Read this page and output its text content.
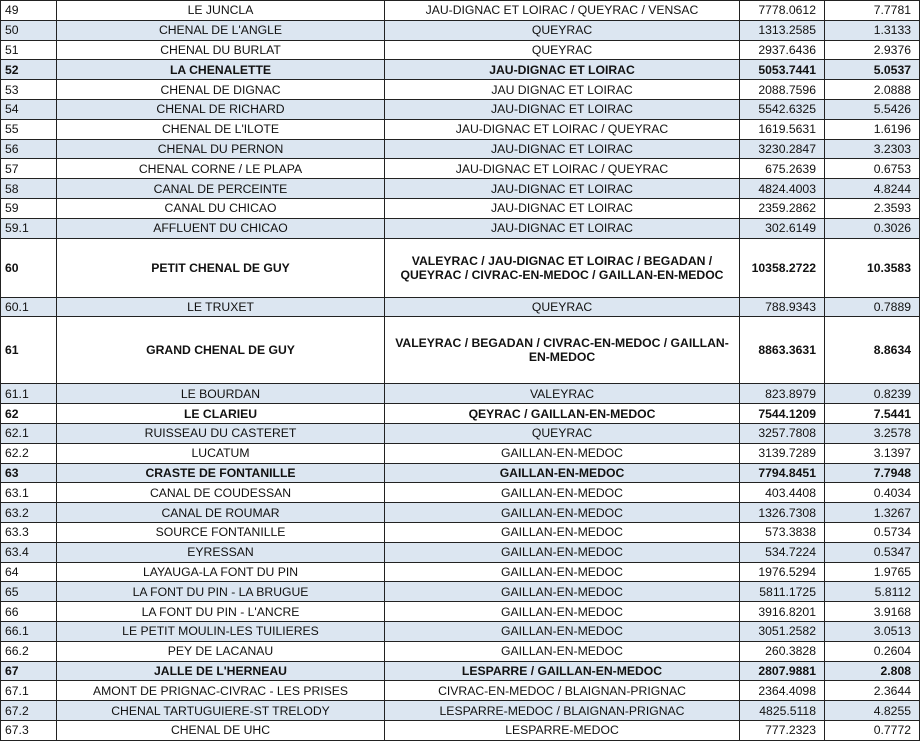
49	LE JUNCLA	JAU-DIGNAC ET LOIRAC / QUEYRAC / VENSAC	7778.0612	7.7781
50	CHENAL DE L'ANGLE	QUEYRAC	1313.2585	1.3133
51	CHENAL DU BURLAT	QUEYRAC	2937.6436	2.9376
52	LA CHENALETTE	JAU-DIGNAC ET LOIRAC	5053.7441	5.0537
53	CHENAL DE DIGNAC	JAU DIGNAC ET LOIRAC	2088.7596	2.0888
54	CHENAL DE RICHARD	JAU-DIGNAC ET LOIRAC	5542.6325	5.5426
55	CHENAL DE L'ILOTE	JAU-DIGNAC ET LOIRAC / QUEYRAC	1619.5631	1.6196
56	CHENAL DU PERNON	JAU-DIGNAC ET LOIRAC	3230.2847	3.2303
57	CHENAL CORNE / LE PLAPA	JAU-DIGNAC ET LOIRAC / QUEYRAC	675.2639	0.6753
58	CANAL DE PERCEINTE	JAU-DIGNAC ET LOIRAC	4824.4003	4.8244
59	CANAL DU CHICAO	JAU-DIGNAC ET LOIRAC	2359.2862	2.3593
59.1	AFFLUENT DU CHICAO	JAU-DIGNAC ET LOIRAC	302.6149	0.3026
60	PETIT CHENAL DE GUY	VALEYRAC / JAU-DIGNAC ET LOIRAC / BEGADAN / QUEYRAC / CIVRAC-EN-MEDOC / GAILLAN-EN-MEDOC	10358.2722	10.3583
60.1	LE TRUXET	QUEYRAC	788.9343	0.7889
61	GRAND CHENAL DE GUY	VALEYRAC / BEGADAN / CIVRAC-EN-MEDOC / GAILLAN-EN-MEDOC	8863.3631	8.8634
61.1	LE BOURDAN	VALEYRAC	823.8979	0.8239
62	LE CLARIEU	QEYRAC / GAILLAN-EN-MEDOC	7544.1209	7.5441
62.1	RUISSEAU DU CASTERET	QUEYRAC	3257.7808	3.2578
62.2	LUCATUM	GAILLAN-EN-MEDOC	3139.7289	3.1397
63	CRASTE DE FONTANILLE	GAILLAN-EN-MEDOC	7794.8451	7.7948
63.1	CANAL DE COUDESSAN	GAILLAN-EN-MEDOC	403.4408	0.4034
63.2	CANAL DE ROUMAR	GAILLAN-EN-MEDOC	1326.7308	1.3267
63.3	SOURCE FONTANILLE	GAILLAN-EN-MEDOC	573.3838	0.5734
63.4	EYRESSAN	GAILLAN-EN-MEDOC	534.7224	0.5347
64	LAYAUGA-LA FONT DU PIN	GAILLAN-EN-MEDOC	1976.5294	1.9765
65	LA FONT DU PIN - LA BRUGUE	GAILLAN-EN-MEDOC	5811.1725	5.8112
66	LA FONT DU PIN - L'ANCRE	GAILLAN-EN-MEDOC	3916.8201	3.9168
66.1	LE PETIT MOULIN-LES TUILIERES	GAILLAN-EN-MEDOC	3051.2582	3.0513
66.2	PEY DE LACANAU	GAILLAN-EN-MEDOC	260.3828	0.2604
67	JALLE DE L'HERNEAU	LESPARRE / GAILLAN-EN-MEDOC	2807.9881	2.808
67.1	AMONT DE PRIGNAC-CIVRAC - LES PRISES	CIVRAC-EN-MEDOC / BLAIGNAN-PRIGNAC	2364.4098	2.3644
67.2	CHENAL TARTUGUIERE-ST TRELODY	LESPARRE-MEDOC / BLAIGNAN-PRIGNAC	4825.5118	4.8255
67.3	CHENAL DE UHC	LESPARRE-MEDOC	777.2323	0.7772
